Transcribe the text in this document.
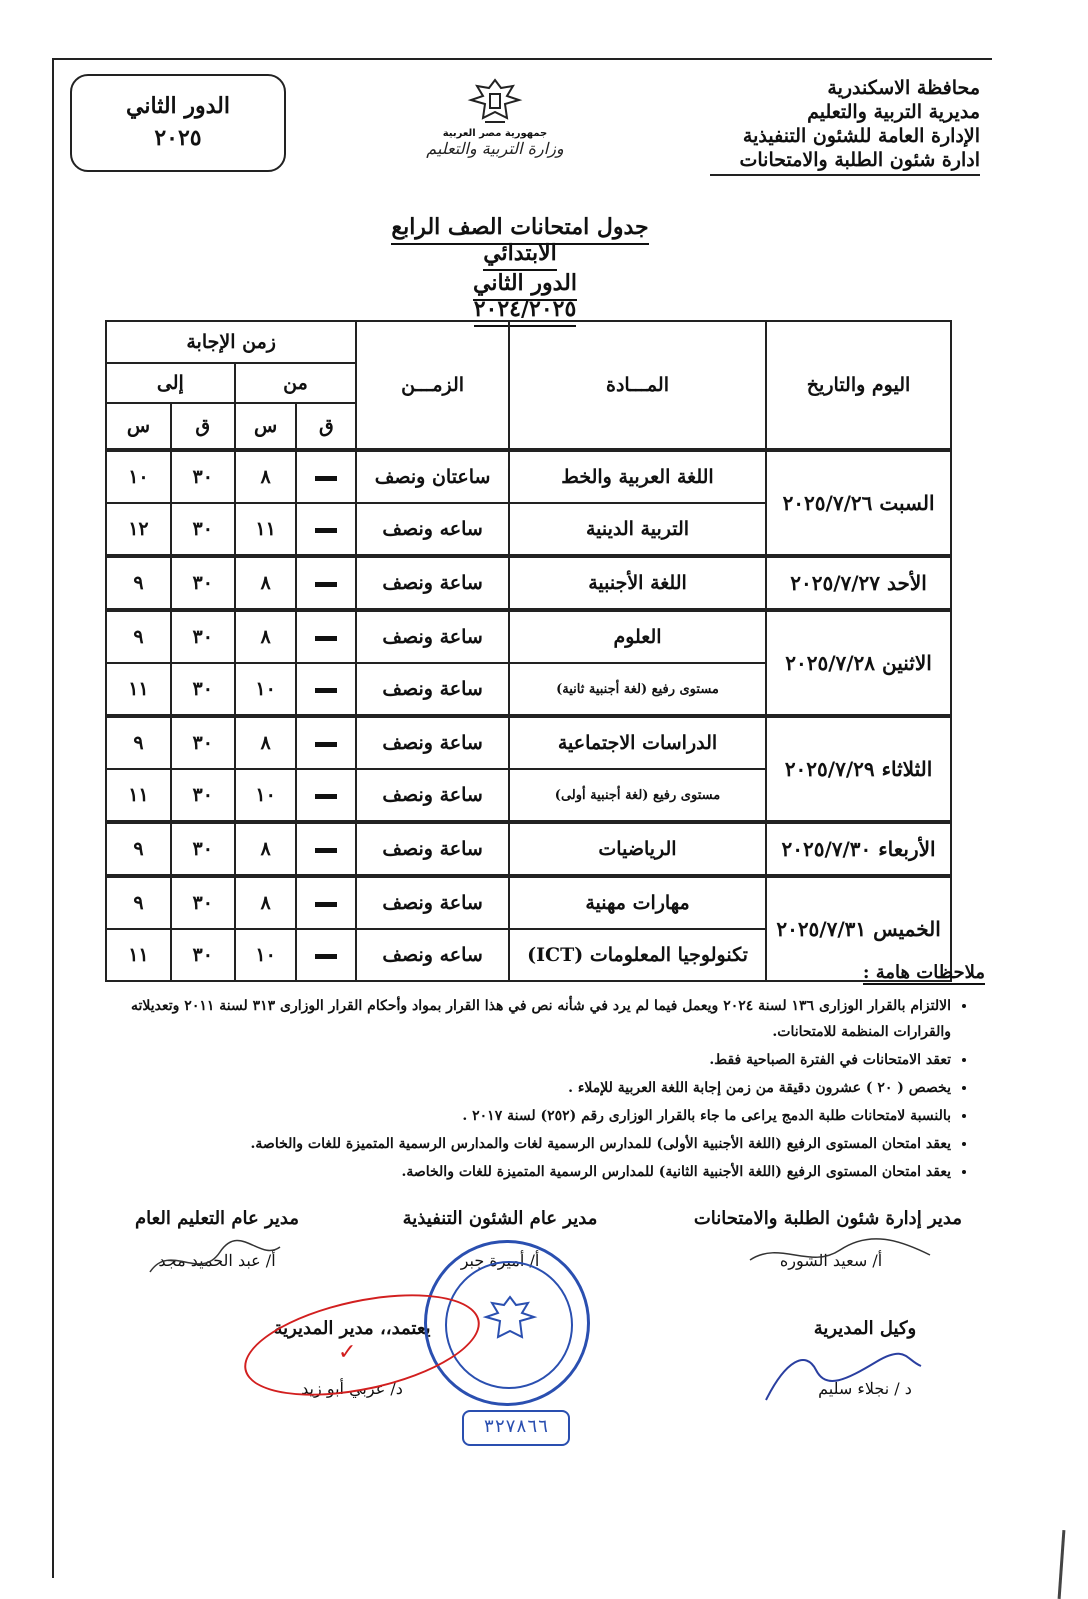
محافظة الاسكندرية
مديرية التربية والتعليم
الإدارة العامة للشئون التنفيذية
ادارة شئون الطلبة والامتحانات
الدور الثاني
٢٠٢٥	جمهورية مصر العربية
وزارة التربية والتعليم
جدول امتحانات الصف الرابع الابتدائي
الدور الثاني ٢٠٢٤/٢٠٢٥
اليوم والتاريخ	المـــادة	الزمـــن	زمن الإجابة			
			من		إلى	
			ق	س	ق	س
السبت ٢٠٢٥/٧/٢٦	اللغة العربية والخط	ساعتان ونصف		٨	٣٠	١٠
	التربية الدينية	ساعه ونصف		١١	٣٠	١٢
الأحد ٢٠٢٥/٧/٢٧	اللغة الأجنبية	ساعة ونصف		٨	٣٠	٩
الاثنين ٢٠٢٥/٧/٢٨	العلوم	ساعة ونصف		٨	٣٠	٩
	مستوى رفيع (لغة أجنبية ثانية)	ساعة ونصف		١٠	٣٠	١١
الثلاثاء ٢٠٢٥/٧/٢٩	الدراسات الاجتماعية	ساعة ونصف		٨	٣٠	٩
	مستوى رفيع (لغة أجنبية أولى)	ساعة ونصف		١٠	٣٠	١١
الأربعاء ٢٠٢٥/٧/٣٠	الرياضيات	ساعة ونصف		٨	٣٠	٩
الخميس ٢٠٢٥/٧/٣١	مهارات مهنية	ساعة ونصف		٨	٣٠	٩
	تكنولوجيا المعلومات (ICT)	ساعه ونصف		١٠	٣٠	١١
ملاحظات هامة :
• الالتزام بالقرار الوزارى ١٣٦ لسنة ٢٠٢٤ ويعمل فيما لم يرد في شأنه نص في هذا القرار بمواد وأحكام القرار الوزارى ٣١٣ لسنة ٢٠١١ وتعديلاته والقرارات المنظمة للامتحانات.
• تعقد الامتحانات في الفترة الصباحية فقط.
• يخصص ( ٢٠ ) عشرون دقيقة من زمن إجابة اللغة العربية للإملاء .
• بالنسبة لامتحانات طلبة الدمج يراعى ما جاء بالقرار الوزارى رقم (٢٥٢) لسنة ٢٠١٧ .
• يعقد امتحان المستوى الرفيع (اللغة الأجنبية الأولى) للمدارس الرسمية لغات والمدارس الرسمية المتميزة للغات والخاصة.
• يعقد امتحان المستوى الرفيع (اللغة الأجنبية الثانية) للمدارس الرسمية المتميزة للغات والخاصة.
مدير إدارة شئون الطلبة والامتحانات
أ/ سعيد الشوره
مدير عام الشئون التنفيذية
أ/ أميرة جبر
مدير عام التعليم العام
أ/ عبد الحميد مجد
وكيل المديرية
د / نجلاء سليم
يعتمد،، مدير المديرية
د/ عربي أبو زيد
٣٢٧٨٦٦
✓
